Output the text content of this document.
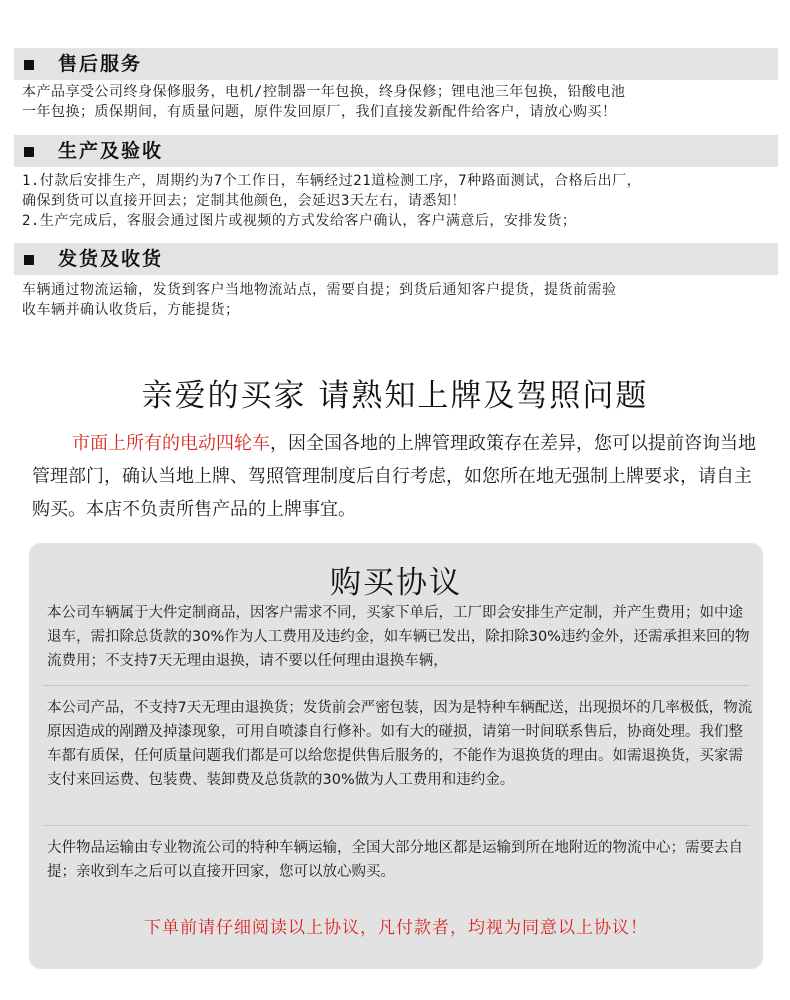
售后服务

本产品享受公司终身保修服务，电机/控制器一年包换，终身保修；锂电池三年包换，铅酸电池

一年包换；质保期间，有质量问题，原件发回原厂，我们直接发新配件给客户，请放心购买！

生产及验收

1.付款后安排生产，周期约为7个工作日，车辆经过21道检测工序，7种路面测试，合格后出厂，

确保到货可以直接开回去；定制其他颜色，会延迟3天左右，请悉知！

2.生产完成后，客服会通过图片或视频的方式发给客户确认，客户满意后，安排发货；

发货及收货

车辆通过物流运输，发货到客户当地物流站点，需要自提；到货后通知客户提货，提货前需验

收车辆并确认收货后，方能提货；

亲爱的买家 请熟知上牌及驾照问题
市面上所有的电动四轮车，因全国各地的上牌管理政策存在差异，您可以提前咨询当地管理部门，确认当地上牌、驾照管理制度后自行考虑，如您所在地无强制上牌要求，请自主购买。本店不负责所售产品的上牌事宜。
购买协议
本公司车辆属于大件定制商品，因客户需求不同，买家下单后，工厂即会安排生产定制，并产生费用；如中途退车，需扣除总货款的30%作为人工费用及违约金，如车辆已发出，除扣除30%违约金外，还需承担来回的物流费用；不支持7天无理由退换，请不要以任何理由退换车辆，
本公司产品，不支持7天无理由退换货；发货前会严密包装，因为是特种车辆配送，出现损坏的几率极低，物流原因造成的剐蹭及掉漆现象，可用自喷漆自行修补。如有大的碰损，请第一时间联系售后，协商处理。我们整车都有质保，任何质量问题我们都是可以给您提供售后服务的，不能作为退换货的理由。如需退换货，买家需支付来回运费、包装费、装卸费及总货款的30%做为人工费用和违约金。
大件物品运输由专业物流公司的特种车辆运输，全国大部分地区都是运输到所在地附近的物流中心；需要去自提；亲收到车之后可以直接开回家，您可以放心购买。
下单前请仔细阅读以上协议，凡付款者，均视为同意以上协议！
